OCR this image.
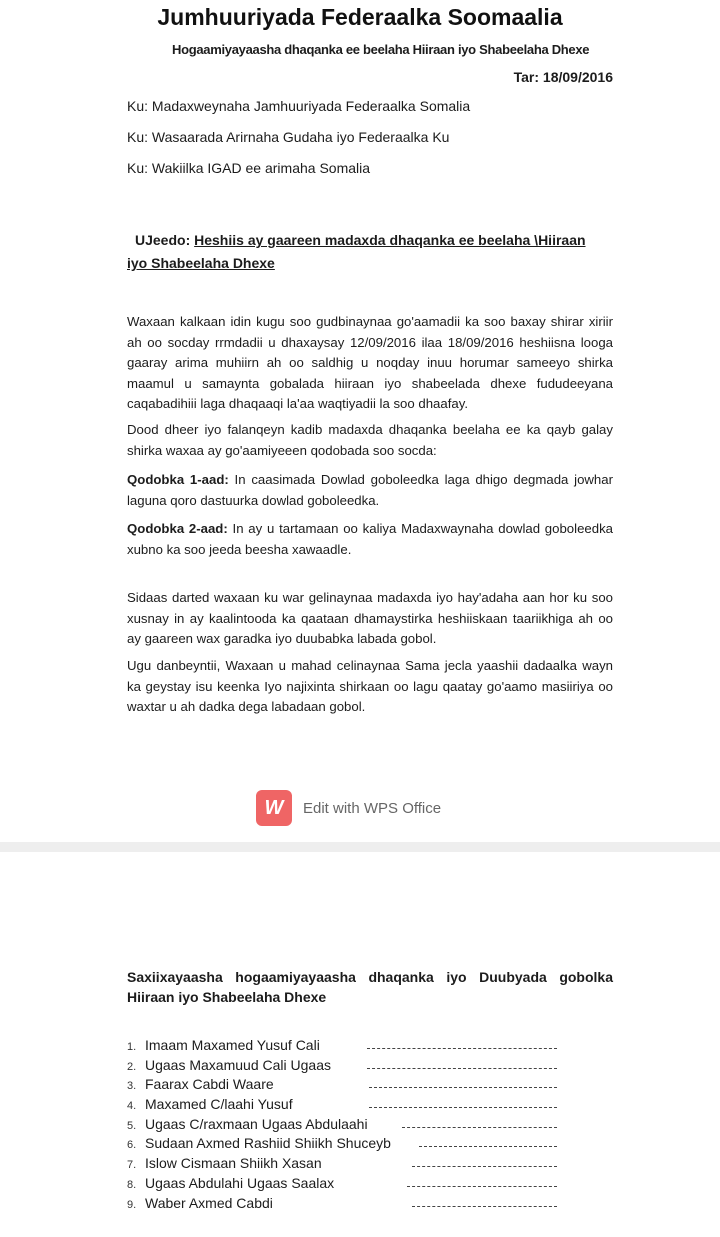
Jumhuuriyada Federaalka Soomaalia
Hogaamiyayaasha dhaqanka ee beelaha Hiiraan iyo Shabeelaha Dhexe
Tar: 18/09/2016
Ku: Madaxweynaha Jamhuuriyada Federaalka Somalia
Ku: Wasaarada Arirnaha Gudaha iyo Federaalka Ku
Ku: Wakiilka IGAD ee arimaha Somalia
UJeedo: Heshiis ay gaareen madaxda dhaqanka ee beelaha \Hiiraan iyo Shabeelaha Dhexe
Waxaan kalkaan idin kugu soo gudbinaynaa go'aamadii ka soo baxay shirar xiriir ah oo socday rrmdadii u dhaxaysay 12/09/2016 ilaa 18/09/2016 heshiisna looga gaaray arima muhiirn ah oo saldhig u noqday inuu horumar sameeyo shirka maamul u samaynta gobalada hiiraan iyo shabeelada dhexe fududeeyana caqabadihiii laga dhaqaaqi la'aa waqtiyadii la soo dhaafay.
Dood dheer iyo falanqeyn kadib madaxda dhaqanka beelaha ee ka qayb galay shirka waxaa ay go'aamiyeeen qodobada soo socda:
Qodobka 1-aad: In caasimada Dowlad goboleedka laga dhigo degmada jowhar laguna qoro dastuurka dowlad goboleedka.
Qodobka 2-aad: In ay u tartamaan oo kaliya Madaxwaynaha dowlad goboleedka xubno ka soo jeeda beesha xawaadle.
Sidaas darted waxaan ku war gelinaynaa madaxda iyo hay'adaha aan hor ku soo xusnay in ay kaalintooda ka qaataan dhamaystirka heshiiskaan taariikhiga ah oo ay gaareen wax garadka iyo duubabka labada gobol.
Ugu danbeyntii, Waxaan u mahad celinaynaa Sama jecla yaashii dadaalka wayn ka geystay isu keenka Iyo najixinta shirkaan oo lagu qaatay go'aamo masiiriya oo waxtar u ah dadka dega labadaan gobol.
W	Edit with WPS Office
Saxiixayaasha hogaamiyayaasha dhaqanka iyo Duubyada gobolka Hiiraan iyo Shabeelaha Dhexe
1. Imaam Maxamed Yusuf Cali
2. Ugaas Maxamuud Cali Ugaas
3. Faarax Cabdi Waare
4. Maxamed C/laahi Yusuf
5. Ugaas C/raxmaan Ugaas Abdulaahi
6. Sudaan Axmed Rashiid Shiikh Shuceyb
7. Islow Cismaan Shiikh Xasan
8. Ugaas Abdulahi Ugaas Saalax
9. Waber Axmed Cabdi
